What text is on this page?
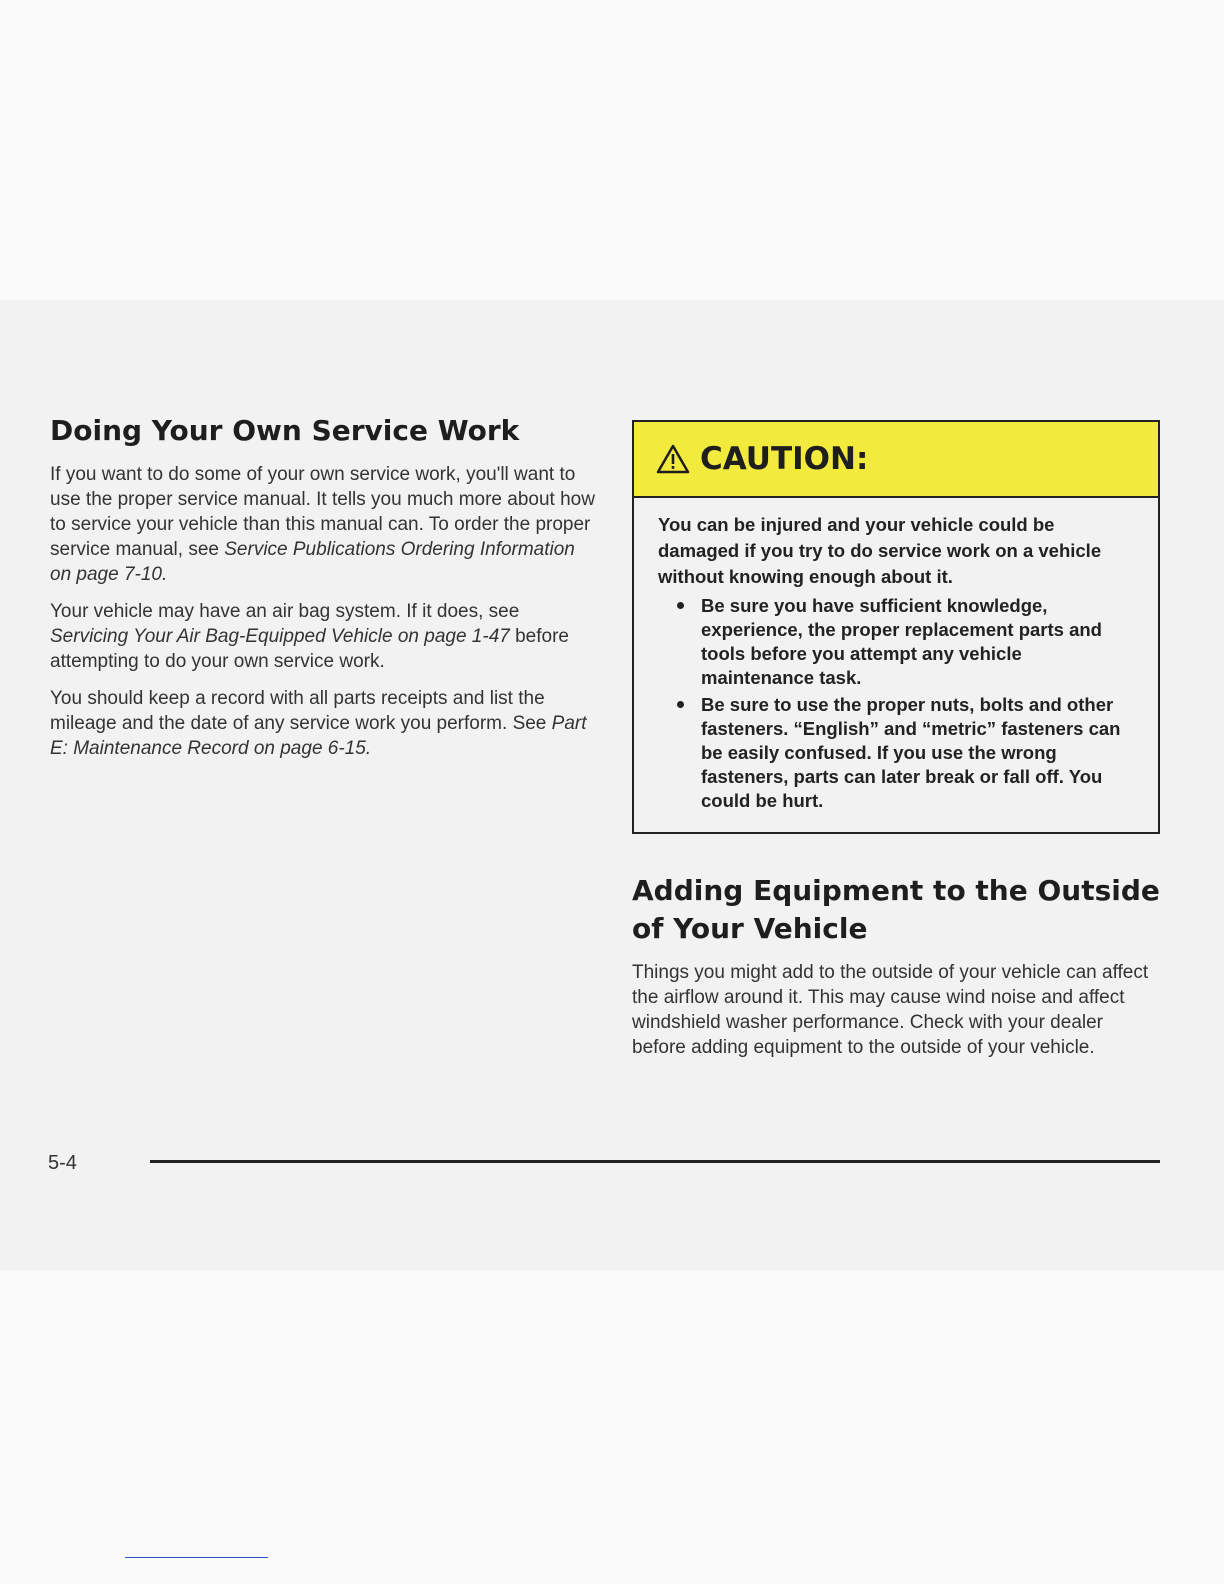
Doing Your Own Service Work

If you want to do some of your own service work, you'll want to use the proper service manual. It tells you much more about how to service your vehicle than this manual can. To order the proper service manual, see Service Publications Ordering Information on page 7-10.

Your vehicle may have an air bag system. If it does, see Servicing Your Air Bag-Equipped Vehicle on page 1-47 before attempting to do your own service work.

You should keep a record with all parts receipts and list the mileage and the date of any service work you perform. See Part E: Maintenance Record on page 6-15.

CAUTION:

You can be injured and your vehicle could be damaged if you try to do service work on a vehicle without knowing enough about it.

Be sure you have sufficient knowledge, experience, the proper replacement parts and tools before you attempt any vehicle maintenance task.
Be sure to use the proper nuts, bolts and other fasteners. “English” and “metric” fasteners can be easily confused. If you use the wrong fasteners, parts can later break or fall off. You could be hurt.
Adding Equipment to the Outside of Your Vehicle

Things you might add to the outside of your vehicle can affect the airflow around it. This may cause wind noise and affect windshield washer performance. Check with your dealer before adding equipment to the outside of your vehicle.

5-4
